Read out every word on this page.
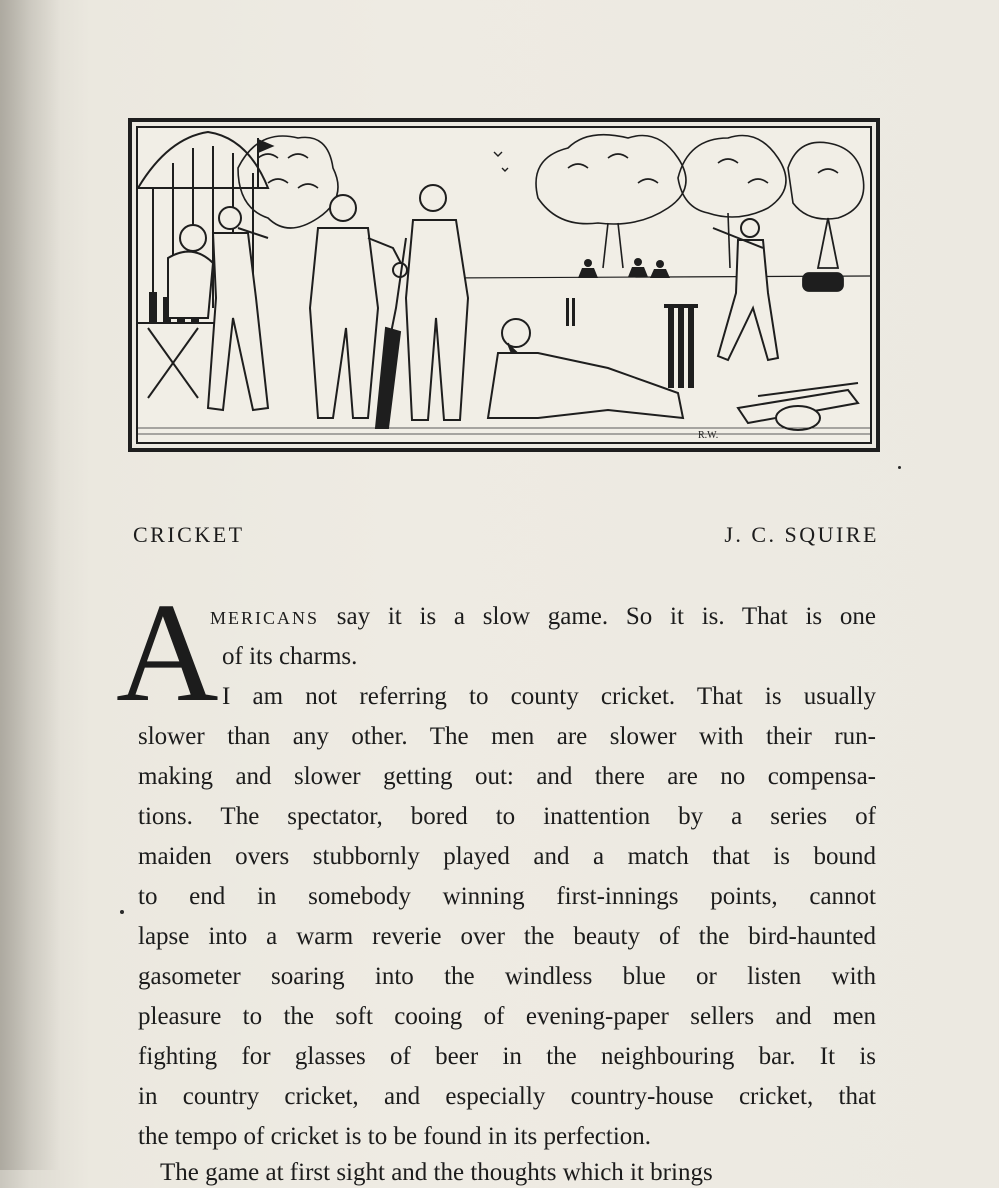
R.W.
CRICKET	J. C. SQUIRE
A
MERICANS say it is a slow game. So it is. That is one
of its charms.
I am not referring to county cricket. That is usually
slower than any other. The men are slower with their run-
making and slower getting out: and there are no compensa-
tions. The spectator, bored to inattention by a series of
maiden overs stubbornly played and a match that is bound
to end in somebody winning first-innings points, cannot
lapse into a warm reverie over the beauty of the bird-haunted
gasometer soaring into the windless blue or listen with
pleasure to the soft cooing of evening-paper sellers and men
fighting for glasses of beer in the neighbouring bar. It is
in country cricket, and especially country-house cricket, that
the tempo of cricket is to be found in its perfection.
The game at first sight and the thoughts which it brings
